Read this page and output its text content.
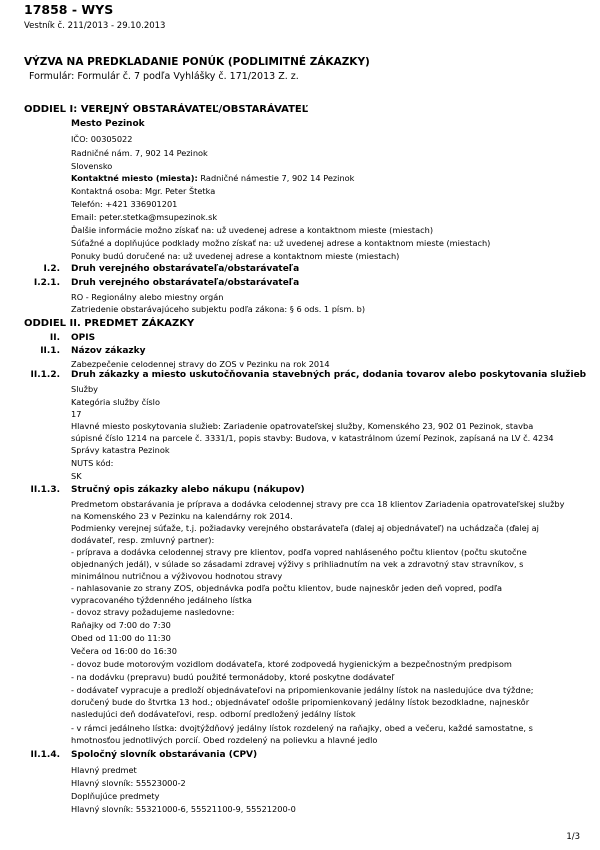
17858 - WYS
Vestník č. 211/2013 - 29.10.2013
VÝZVA NA PREDKLADANIE PONÚK (PODLIMITNÉ ZÁKAZKY)
Formulár: Formulár č. 7 podľa Vyhlášky č. 171/2013 Z. z.
ODDIEL I: VEREJNÝ OBSTARÁVATEĽ/OBSTARÁVATEĽ
Mesto Pezinok
IČO: 00305022
Radničné nám. 7, 902 14 Pezinok
Slovensko
Kontaktné miesto (miesta): Radničné námestie 7, 902 14 Pezinok
Kontaktná osoba: Mgr. Peter Štetka
Telefón: +421 336901201
Email: peter.stetka@msupezinok.sk
Ďalšie informácie možno získať na: už uvedenej adrese a kontaktnom mieste (miestach)
Súťažné a doplňujúce podklady možno získať na: už uvedenej adrese a kontaktnom mieste (miestach)
Ponuky budú doručené na: už uvedenej adrese a kontaktnom mieste (miestach)
I.2. Druh verejného obstarávateľa/obstarávateľa
I.2.1. Druh verejného obstarávateľa/obstarávateľa
RO - Regionálny alebo miestny orgán
Zatriedenie obstarávajúceho subjektu podľa zákona: § 6 ods. 1 písm. b)
ODDIEL II. PREDMET ZÁKAZKY
II. OPIS
II.1. Názov zákazky
Zabezpečenie celodennej stravy do ZOS v Pezinku na rok 2014
II.1.2. Druh zákazky a miesto uskutočňovania stavebných prác, dodania tovarov alebo poskytovania služieb
Služby
Kategória služby číslo
17
Hlavné miesto poskytovania služieb: Zariadenie opatrovateľskej služby, Komenského 23, 902 01 Pezinok, stavba
súpisné číslo 1214 na parcele č. 3331/1, popis stavby: Budova, v katastrálnom území Pezinok, zapísaná na LV č. 4234
Správy katastra Pezinok
NUTS kód:
SK
II.1.3. Stručný opis zákazky alebo nákupu (nákupov)
Predmetom obstarávania je príprava a dodávka celodennej stravy pre cca 18 klientov Zariadenia opatrovateľskej služby
na Komenského 23 v Pezinku na kalendárny rok 2014.
Podmienky verejnej súťaže, t.j. požiadavky verejného obstarávateľa (ďalej aj objednávateľ) na uchádzača (ďalej aj
dodávateľ, resp. zmluvný partner):
- príprava a dodávka celodennej stravy pre klientov, podľa vopred nahláseného počtu klientov (počtu skutočne
objednaných jedál), v súlade so zásadami zdravej výživy s prihliadnutím na vek a zdravotný stav stravníkov, s
minimálnou nutričnou a výživovou hodnotou stravy
- nahlasovanie zo strany ZOS, objednávka podľa počtu klientov, bude najneskôr jeden deň vopred, podľa
vypracovaného týždenného jedálneho lístka
- dovoz stravy požadujeme nasledovne:
Raňajky od 7:00 do 7:30
Obed od 11:00 do 11:30
Večera od 16:00 do 16:30
- dovoz bude motorovým vozidlom dodávateľa, ktoré zodpovedá hygienickým a bezpečnostným predpisom
- na dodávku (prepravu) budú použité termonádoby, ktoré poskytne dodávateľ
- dodávateľ vypracuje a predloží objednávateľovi na pripomienkovanie jedálny lístok na nasledujúce dva týždne;
doručený bude do štvrtka 13 hod.; objednávateľ odošle pripomienkovaný jedálny lístok bezodkladne, najneskôr
nasledujúci deň dodávateľovi, resp. odborní predložený jedálny lístok
- v rámci jedálneho lístka: dvojtýždňový jedálny lístok rozdelený na raňajky, obed a večeru, každé samostatne, s
hmotnosťou jednotlivých porcií. Obed rozdelený na polievku a hlavné jedlo
II.1.4. Spoločný slovník obstarávania (CPV)
Hlavný predmet
Hlavný slovník: 55523000-2
Doplňujúce predmety
Hlavný slovník: 55321000-6, 55521100-9, 55521200-0
1/3
